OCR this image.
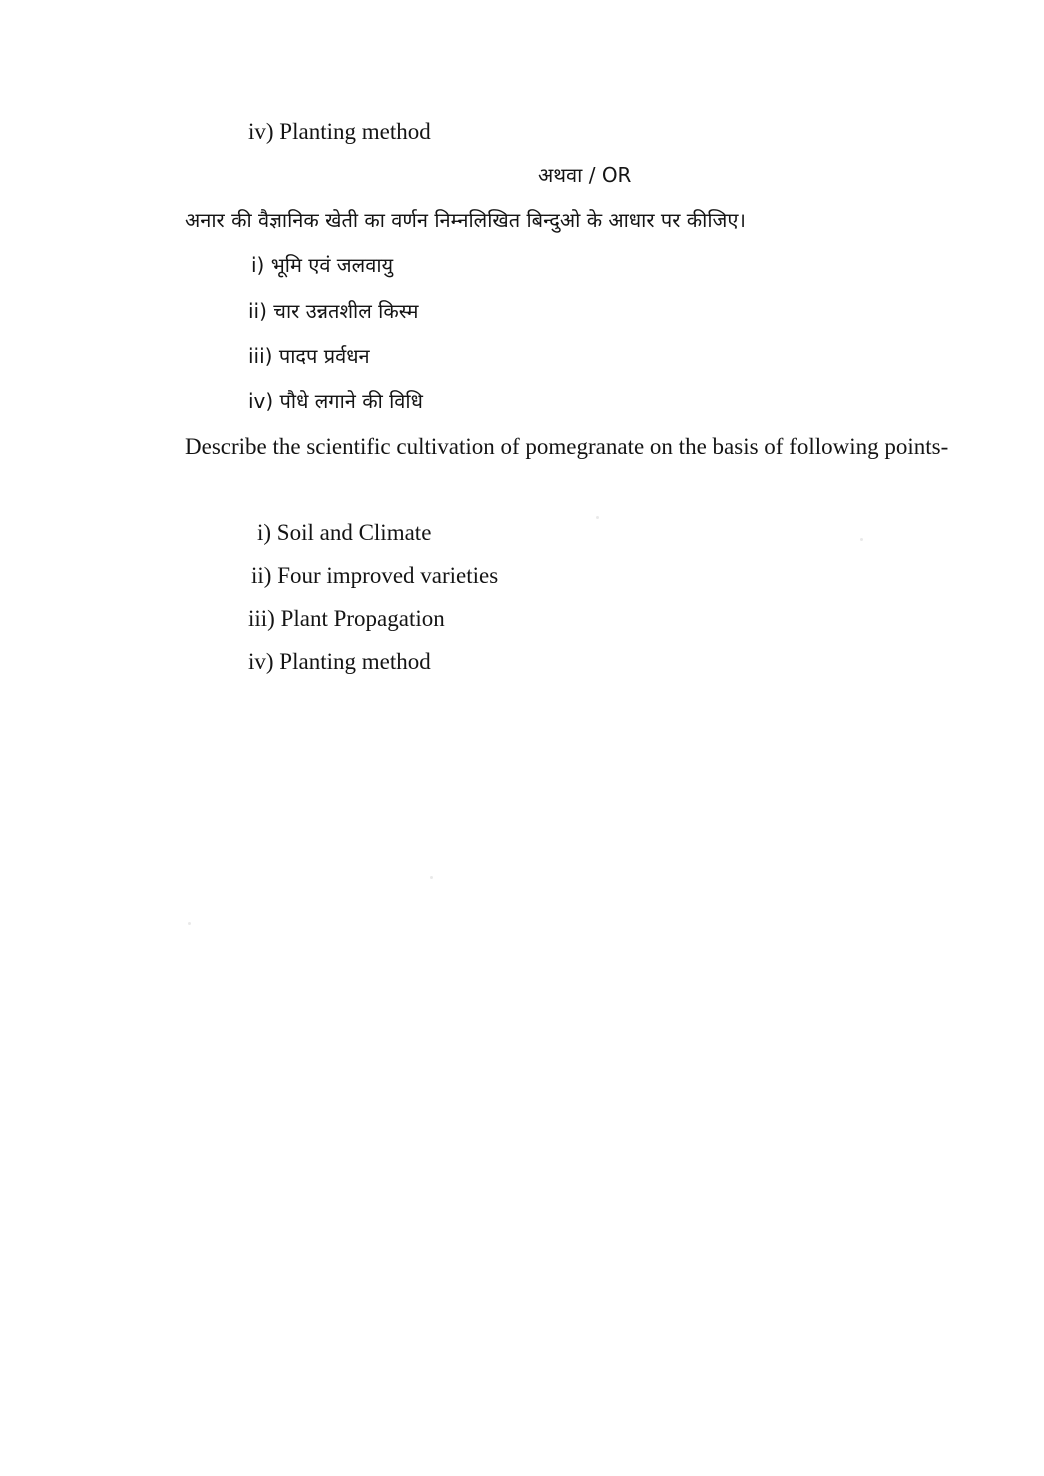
iv) Planting method
अथवा / OR
अनार की वैज्ञानिक खेती का वर्णन निम्नलिखित बिन्दुओ के आधार पर कीजिए।
i) भूमि एवं जलवायु
ii) चार उन्नतशील किस्म
iii) पादप प्रर्वधन
iv) पौधे लगाने की विधि
Describe the scientific cultivation of pomegranate on the basis of following points-
i) Soil and Climate
ii) Four improved varieties
iii) Plant Propagation
iv) Planting method
